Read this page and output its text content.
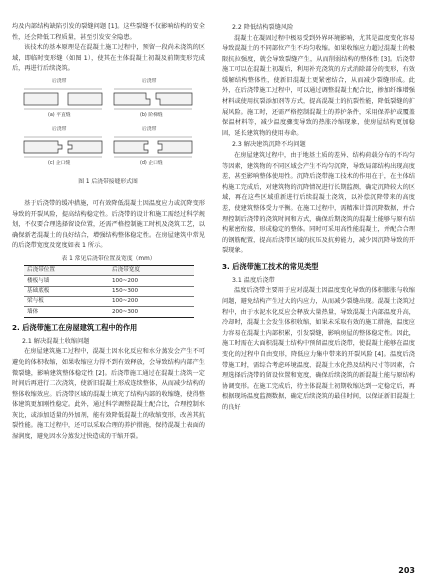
均及内部结构缺陷引发的裂缝问题 [1]。这些裂缝不仅影响结构的安全性，还会降低工程质量，甚至引发安全隐患。

该技术的基本原理是在混凝土施工过程中，预留一段尚未浇筑的区域，即临时变形缝（如图 1），使其在主体混凝土初凝及前期变形完成后，再进行后续浇筑。

后浇带	后浇带
后浇带	后浇带
(a) 平直缝	(b) 阶梯缝
(c) 企口缝	(d) 企口缝
图 1 后浇带接缝形式图

基于后浇带的缓冲措施，可有效降低混凝土因温度应力或沉降变形导致的开裂风险，提高结构稳定性。后浇带的设计和施工需经过科学规划，不仅要合理选择留设位置，还需严格控制施工时机及浇筑工艺，以确保新老混凝土的良好结合，增强结构整体稳定性。在房屋建筑中常见的后浇带宽度及宽度如表 1 所示。

表 1 常见后浇带位置及宽度（mm）
后浇带位置	后浇带宽度
楼板与墙	100~200
基础底板	150~300
梁与板	100~200
墙体	200~300
2. 后浇带施工在房屋建筑工程中的作用
2.1 解决混凝土收缩问题

在房屋建筑施工过程中，混凝土因水化反应和水分蒸发会产生不可避免的体积收缩，如果收缩应力得不到有效释放，会导致结构内部产生微裂缝，影响建筑整体稳定性 [2]。后浇带施工通过在混凝土浇筑一定时间后再进行二次浇筑，使新旧混凝土形成连续整体，从而减少结构的整体收缩效应。后浇带区域的混凝土填充了结构内部的收缩缝，使得整体建筑更加刚性稳定。此外，通过科学调整混凝土配合比，合理控制水灰比，或添加适量的外加剂，能有效降低混凝土的收缩变形，改善其抗裂性能。施工过程中，还可以采取合理的养护措施，保持混凝土表面的湿润度，避免因水分蒸发过快造成的干缩开裂。

2.2 降低结构裂缝风险

混凝土在凝固过程中极易受到外界环境影响，尤其是温度变化容易导致混凝土的不同部位产生不均匀收缩。如果收缩应力超过混凝土的极限抗拉强度，就会导致裂缝产生，从而削弱结构的整体性 [3]。后浇带施工可以在混凝土初凝后，利用补充浇筑的方式消除部分的变形，有效缓解结构整体性，使新旧混凝土更紧密结合，从而减少裂缝形成。此外，在后浇带施工过程中，可以通过调整混凝土配合比，掺加纤维增强材料或使用抗裂添加剂等方式，提高混凝土的抗裂性能，降低裂缝的扩展风险。施工时，还需严格控制混凝土的养护条件，采用保养护或覆盖保温材料等，减少温度骤变导致的热胀冷缩现象，使房屋结构更加稳固，延长建筑物的使用寿命。

2.3 解决建筑沉降不均问题

在房屋建筑过程中，由于地基土质的差异、结构荷载分布的不均匀等因素，建筑物的不同区域会产生不均匀沉降，导致局部结构出现高度差，甚至影响整体使用性。沉降后浇带施工技术的作用在于，在主体结构施工完成后，对建筑物的沉降情况进行长期监测，确定沉降较大的区域，再在这些区域重新进行后续混凝土浇筑，以补偿沉降带来的高度差，使建筑整体受力平衡。在施工过程中，需精准计算沉降数据，并合理控制后浇带的浇筑时间和方式，确保后期浇筑的混凝土能够与原有结构紧密衔接，形成稳定的整体。同时可采用高性能混凝土，并配合合理的钢筋配置，提高后浇带区域的抗压及抗剪能力，减少因沉降导致的开裂现象。

3. 后浇带施工技术的常见类型
3.1 温度后浇带

温度后浇带主要用于应对混凝土因温度变化导致的体积膨胀与收缩问题，避免结构产生过大的内应力，从而减少裂缝出现。混凝土浇筑过程中，由于水泥水化反应会释放大量热量，导致混凝土内部温度升高，冷却时，混凝土会发生体积收缩，如果未采取有效的施工措施，温度应力容易在混凝土内部积累，引发裂缝，影响房屋的整体稳定性。因此，施工时需在大面积混凝土结构中预留温度后浇带，使混凝土能够在温度变化的过程中自由变形，降低应力集中带来的开裂风险 [4]。温度后浇带施工时，需综合考虑环境温度、混凝土水化热及结构尺寸等因素，合理选择后浇带的留设位置和宽度，确保后续浇筑的新混凝土能与原结构协调变形。在施工完成后，待主体混凝土初期收缩达到一定稳定后，再根据现场温度监测数据，确定后续浇筑的最佳时间，以保证新旧混凝土的良好

203
